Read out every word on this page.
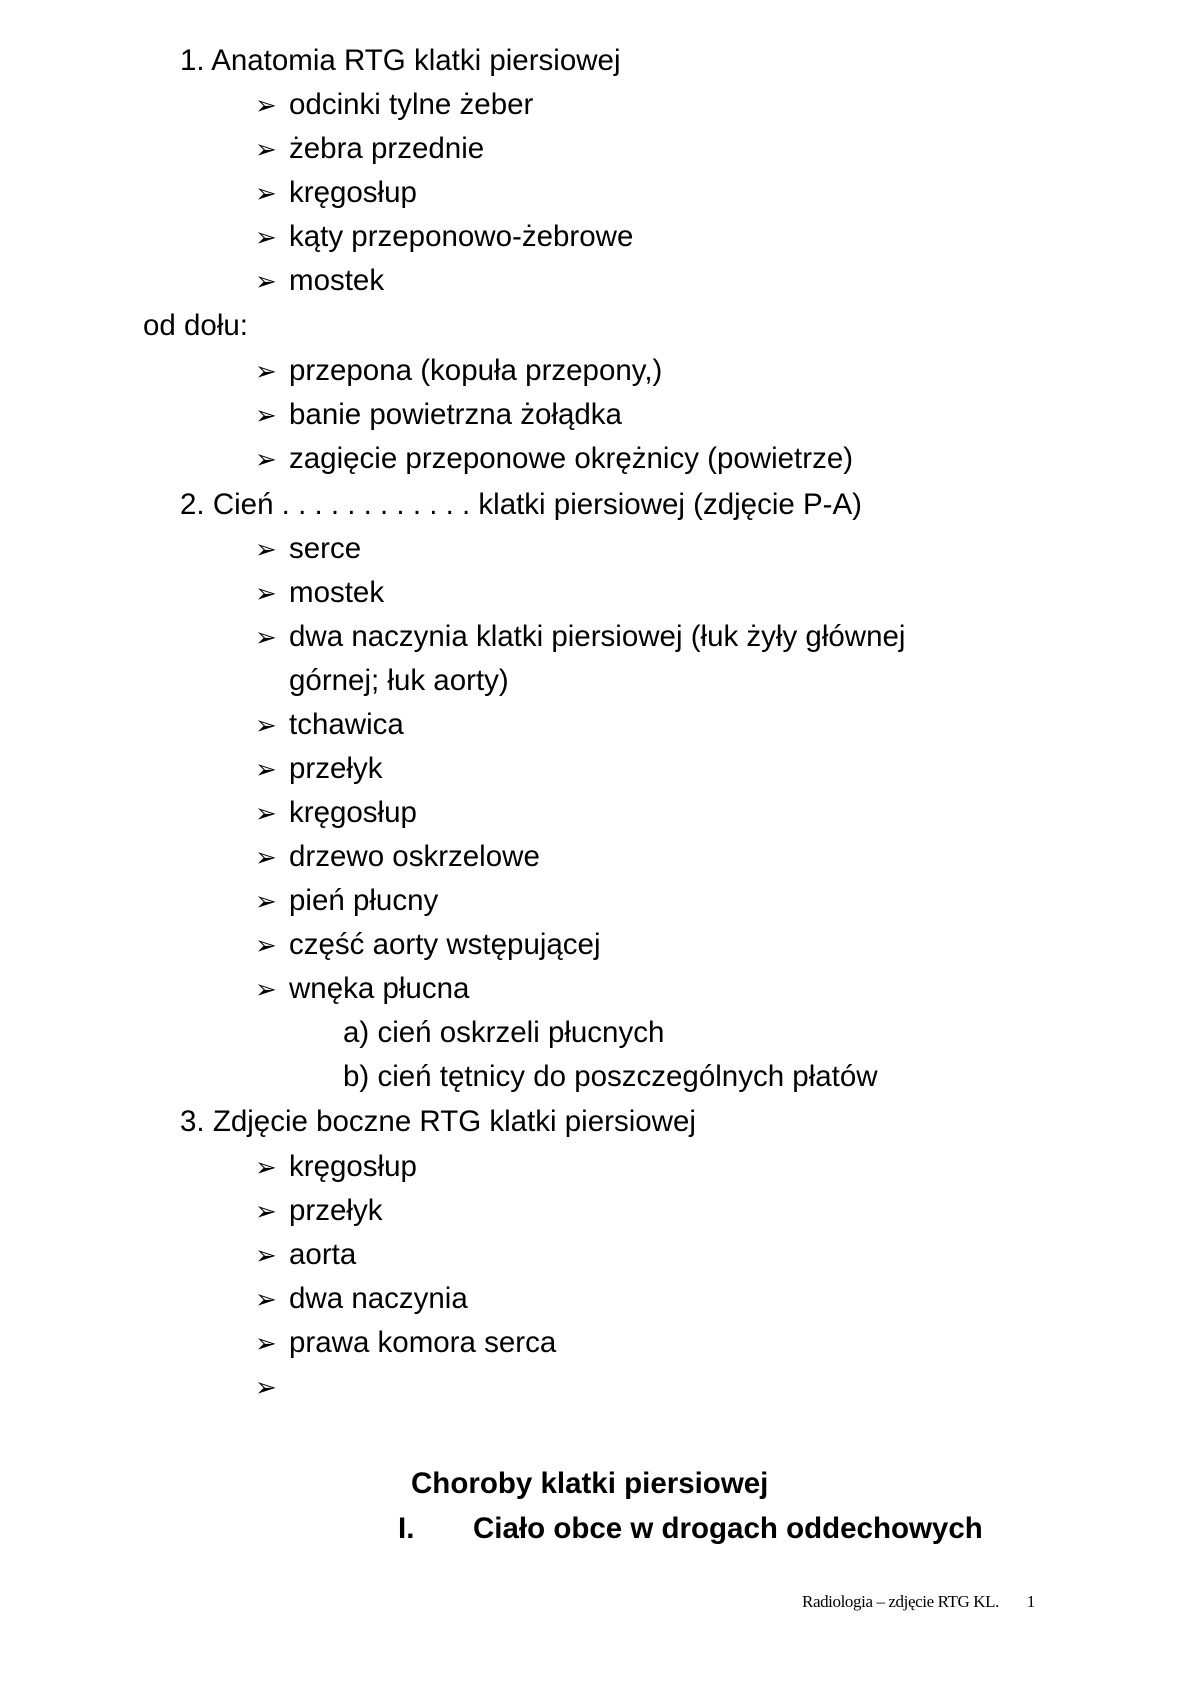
1. Anatomia RTG klatki piersiowej
➢ odcinki tylne żeber
➢ żebra przednie
➢ kręgosłup
➢ kąty przeponowo-żebrowe
➢ mostek
od dołu:
➢ przepona (kopuła przepony,)
➢ banie powietrzna żołądka
➢ zagięcie przeponowe okrężnicy (powietrze)
2. Cień . . . . . . . . . . . . klatki piersiowej (zdjęcie P-A)
➢ serce
➢ mostek
➢ dwa naczynia klatki piersiowej (łuk żyły głównej
górnej; łuk aorty)
➢ tchawica
➢ przełyk
➢ kręgosłup
➢ drzewo oskrzelowe
➢ pień płucny
➢ część aorty wstępującej
➢ wnęka płucna
a) cień oskrzeli płucnych
b) cień tętnicy do poszczególnych płatów
3. Zdjęcie boczne RTG klatki piersiowej
➢ kręgosłup
➢ przełyk
➢ aorta
➢ dwa naczynia
➢ prawa komora serca
➢
Choroby klatki piersiowej
I. Ciało obce w drogach oddechowych
Radiologia – zdjęcie RTG KL. 1
